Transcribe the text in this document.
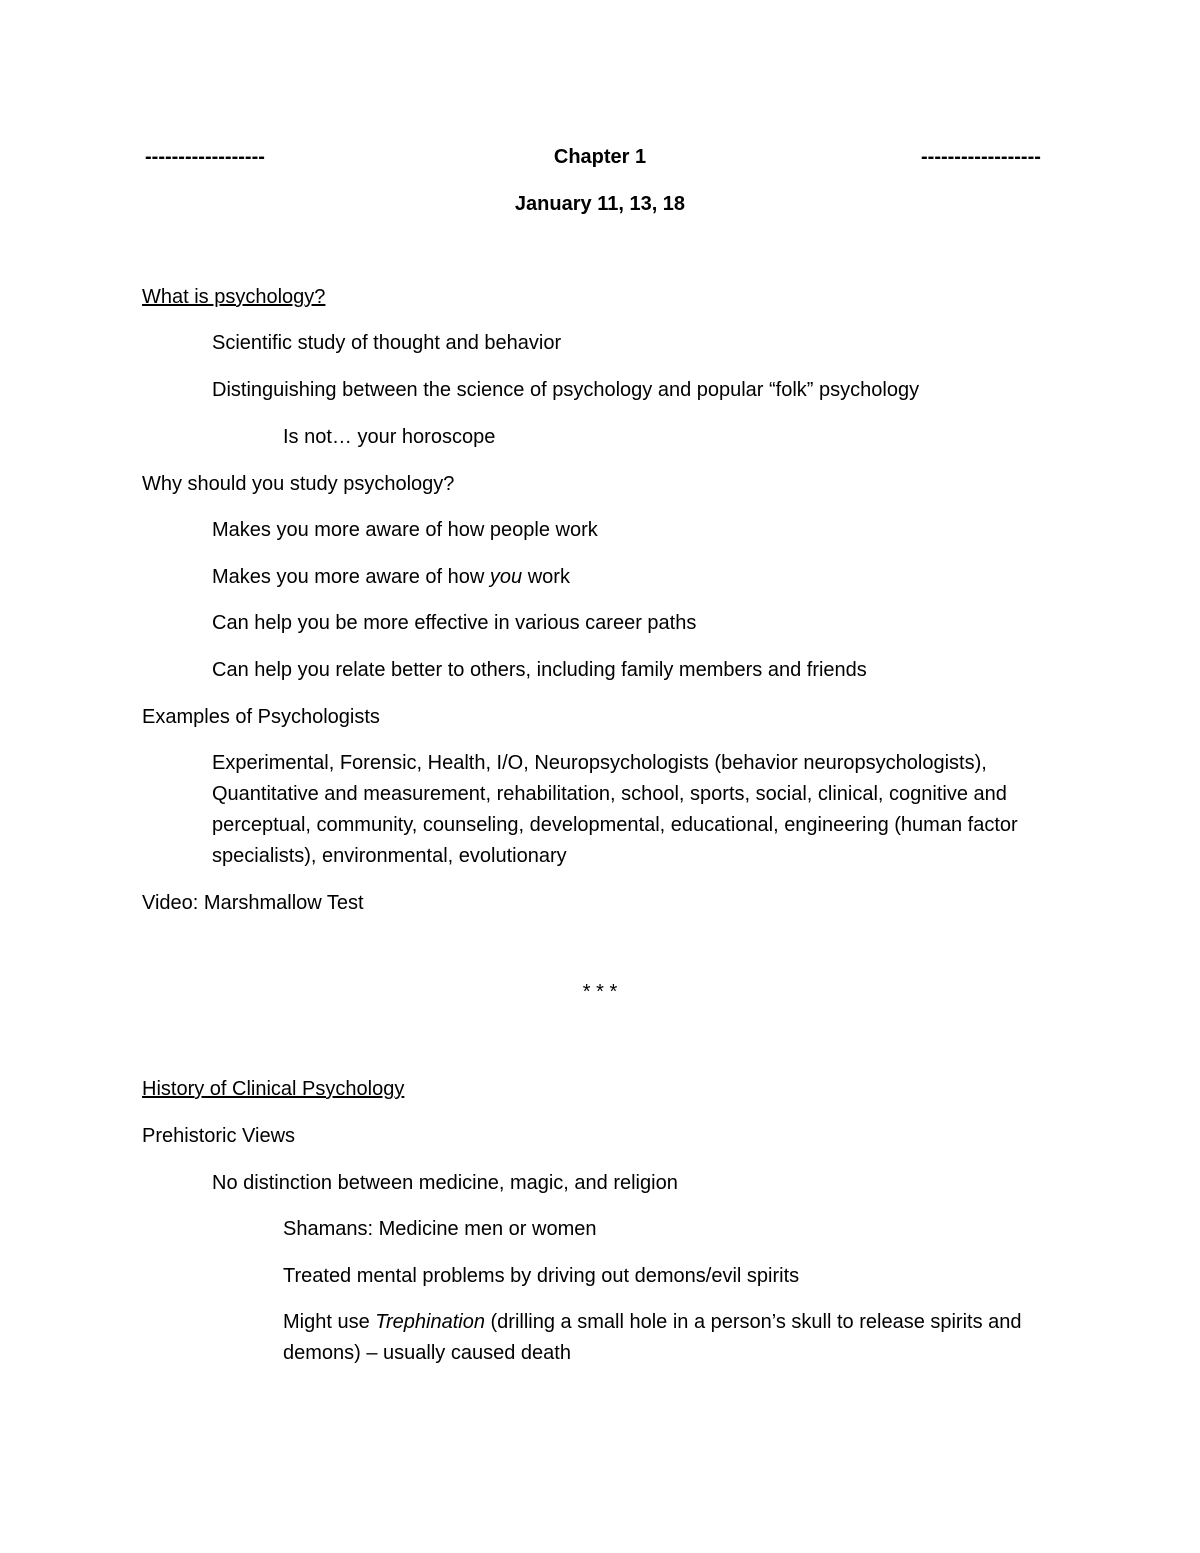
------------------	Chapter 1	------------------
January 11, 13, 18
What is psychology?
Scientific study of thought and behavior
Distinguishing between the science of psychology and popular “folk” psychology
Is not… your horoscope
Why should you study psychology?
Makes you more aware of how people work
Makes you more aware of how you work
Can help you be more effective in various career paths
Can help you relate better to others, including family members and friends
Examples of Psychologists
Experimental, Forensic, Health, I/O, Neuropsychologists (behavior neuropsychologists), Quantitative and measurement, rehabilitation, school, sports, social, clinical, cognitive and perceptual, community, counseling, developmental, educational, engineering (human factor specialists), environmental, evolutionary
Video: Marshmallow Test
* * *
History of Clinical Psychology
Prehistoric Views
No distinction between medicine, magic, and religion
Shamans: Medicine men or women
Treated mental problems by driving out demons/evil spirits
Might use Trephination (drilling a small hole in a person’s skull to release spirits and demons) – usually caused death
